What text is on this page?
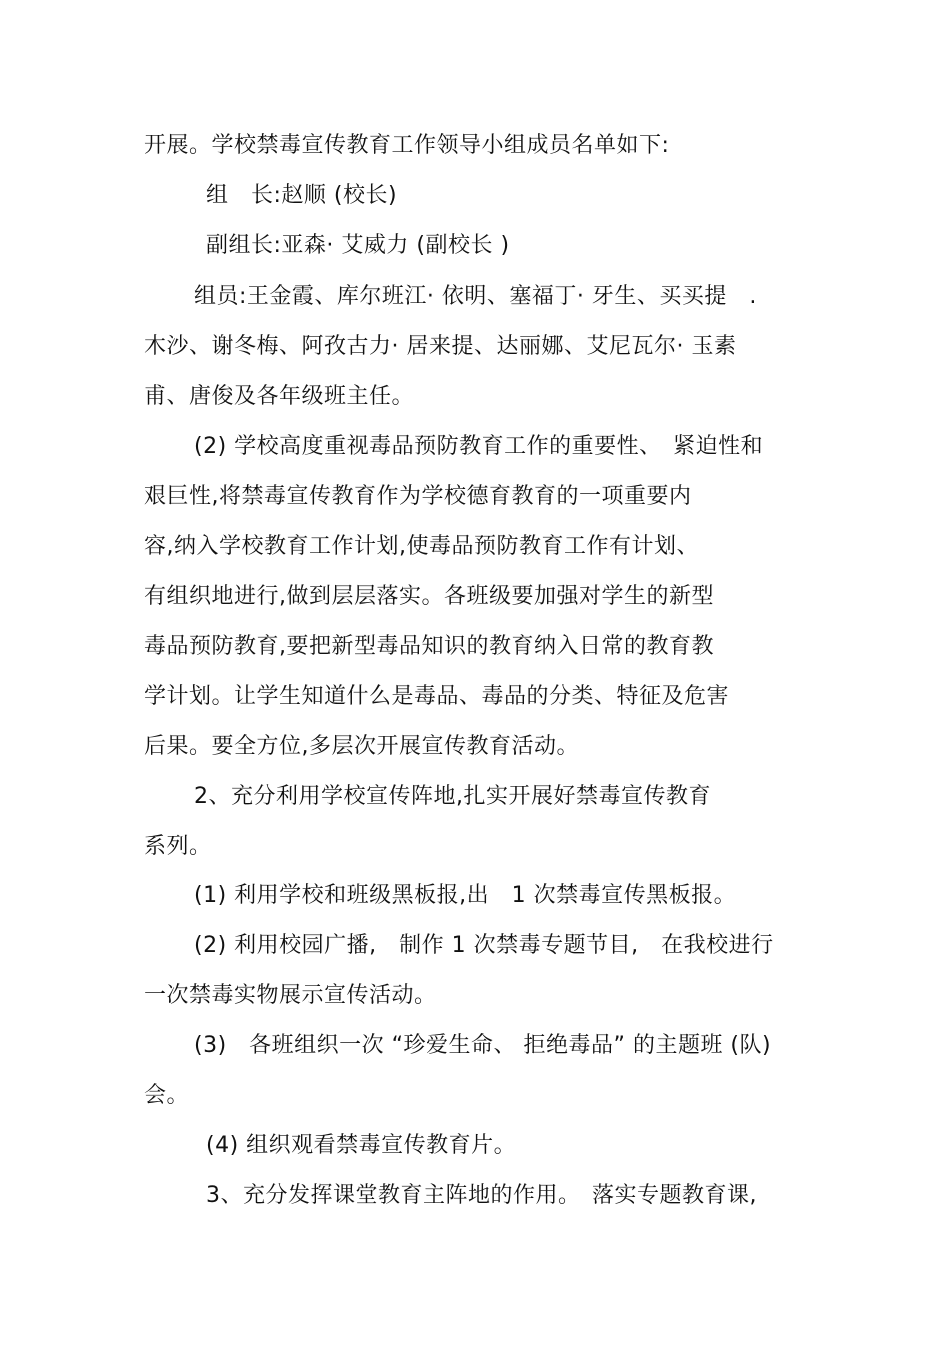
开展。学校禁毒宣传教育工作领导小组成员名单如下:
组　长:赵顺 (校长)
副组长:亚森· 艾威力 (副校长 )
组员:王金霞、库尔班江· 依明、塞福丁· 牙生、买买提　.
木沙、谢冬梅、阿孜古力· 居来提、达丽娜、艾尼瓦尔· 玉素
甫、唐俊及各年级班主任。
(2) 学校高度重视毒品预防教育工作的重要性、　紧迫性和
艰巨性,将禁毒宣传教育作为学校德育教育的一项重要内
容,纳入学校教育工作计划,使毒品预防教育工作有计划、
有组织地进行,做到层层落实。各班级要加强对学生的新型
毒品预防教育,要把新型毒品知识的教育纳入日常的教育教
学计划。让学生知道什么是毒品、毒品的分类、特征及危害
后果。要全方位,多层次开展宣传教育活动。
2、充分利用学校宣传阵地,扎实开展好禁毒宣传教育
系列。
(1) 利用学校和班级黑板报,出　1 次禁毒宣传黑板报。
(2) 利用校园广播,　制作 1 次禁毒专题节目,　在我校进行
一次禁毒实物展示宣传活动。
(3)　各班组织一次 “珍爱生命、 拒绝毒品” 的主题班 (队)
会。
(4) 组织观看禁毒宣传教育片。
3、充分发挥课堂教育主阵地的作用。　落实专题教育课,
